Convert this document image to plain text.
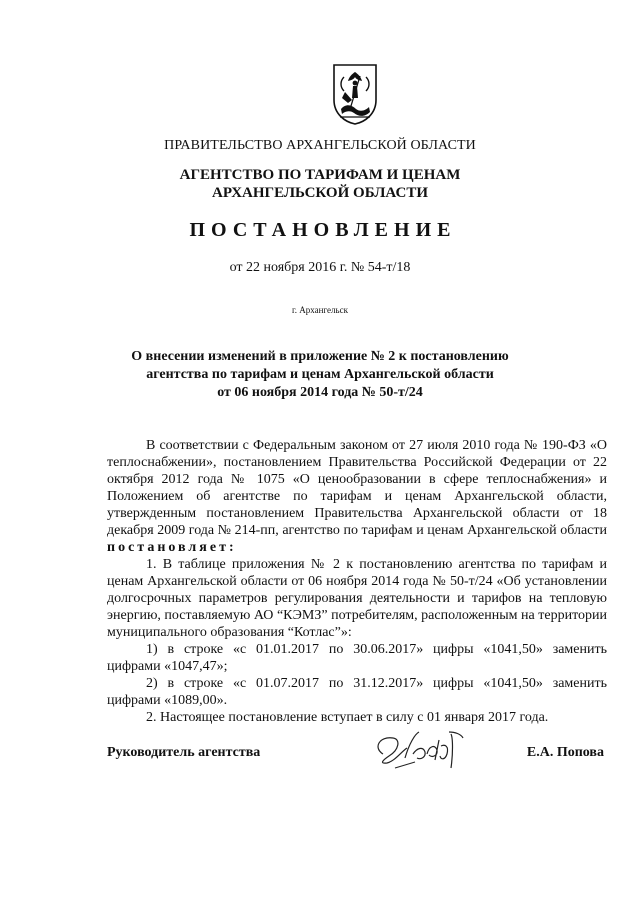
ПРАВИТЕЛЬСТВО АРХАНГЕЛЬСКОЙ ОБЛАСТИ
АГЕНТСТВО ПО ТАРИФАМ И ЦЕНАМ
АРХАНГЕЛЬСКОЙ ОБЛАСТИ
ПОСТАНОВЛЕНИЕ
от 22 ноября 2016 г. № 54-т/18
г. Архангельск
О внесении изменений в приложение № 2 к постановлению
агентства по тарифам и ценам Архангельской области
от 06 ноября 2014 года № 50-т/24

В соответствии с Федеральным законом от 27 июля 2010 года № 190-ФЗ «О теплоснабжении», постановлением Правительства Российской Федерации от 22 октября 2012 года № 1075 «О ценообразовании в сфере теплоснабжения» и Положением об агентстве по тарифам и ценам Архангельской области, утвержденным постановлением Правительства Архангельской области от 18 декабря 2009 года № 214-пп, агентство по тарифам и ценам Архангельской области постановляет:

1. В таблице приложения № 2 к постановлению агентства по тарифам и ценам Архангельской области от 06 ноября 2014 года № 50-т/24 «Об установлении долгосрочных параметров регулирования деятельности и тарифов на тепловую энергию, поставляемую АО “КЭМЗ” потребителям, расположенным на территории муниципального образования “Котлас”»:

1) в строке «с 01.01.2017 по 30.06.2017» цифры «1041,50» заменить цифрами «1047,47»;

2) в строке «с 01.07.2017 по 31.12.2017» цифры «1041,50» заменить цифрами «1089,00».

2. Настоящее постановление вступает в силу с 01 января 2017 года.

Руководитель агентства	Е.А. Попова
